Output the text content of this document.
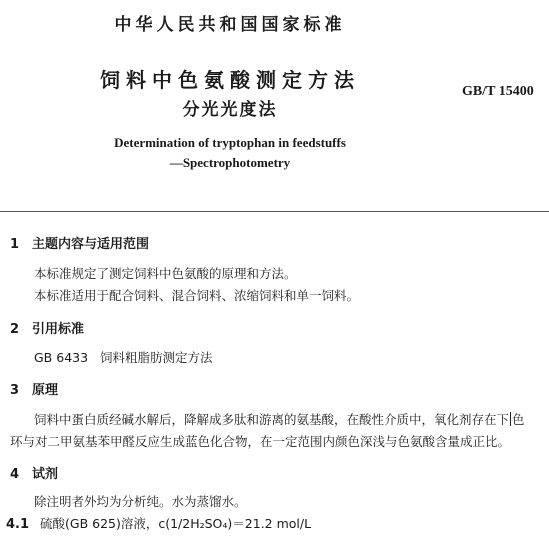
中华人民共和国国家标准
饲料中色氨酸测定方法
分光光度法
GB/T 15400
Determination of tryptophan in feedstuffs
—Spectrophotometry
1 主题内容与适用范围
本标准规定了测定饲料中色氨酸的原理和方法。
本标准适用于配合饲料、混合饲料、浓缩饲料和单一饲料。
2 引用标准
GB 6433   饲料粗脂肪测定方法
3 原理
饲料中蛋白质经碱水解后，降解成多肽和游离的氨基酸，在酸性介质中，氧化剂存在下 色
环与对二甲氨基苯甲醛反应生成蓝色化合物，在一定范围内颜色深浅与色氨酸含量成正比。
4 试剂
除注明者外均为分析纯。水为蒸馏水。
4.1 硫酸(GB 625)溶液，c(1/2H₂SO₄)＝21.2 mol/L
